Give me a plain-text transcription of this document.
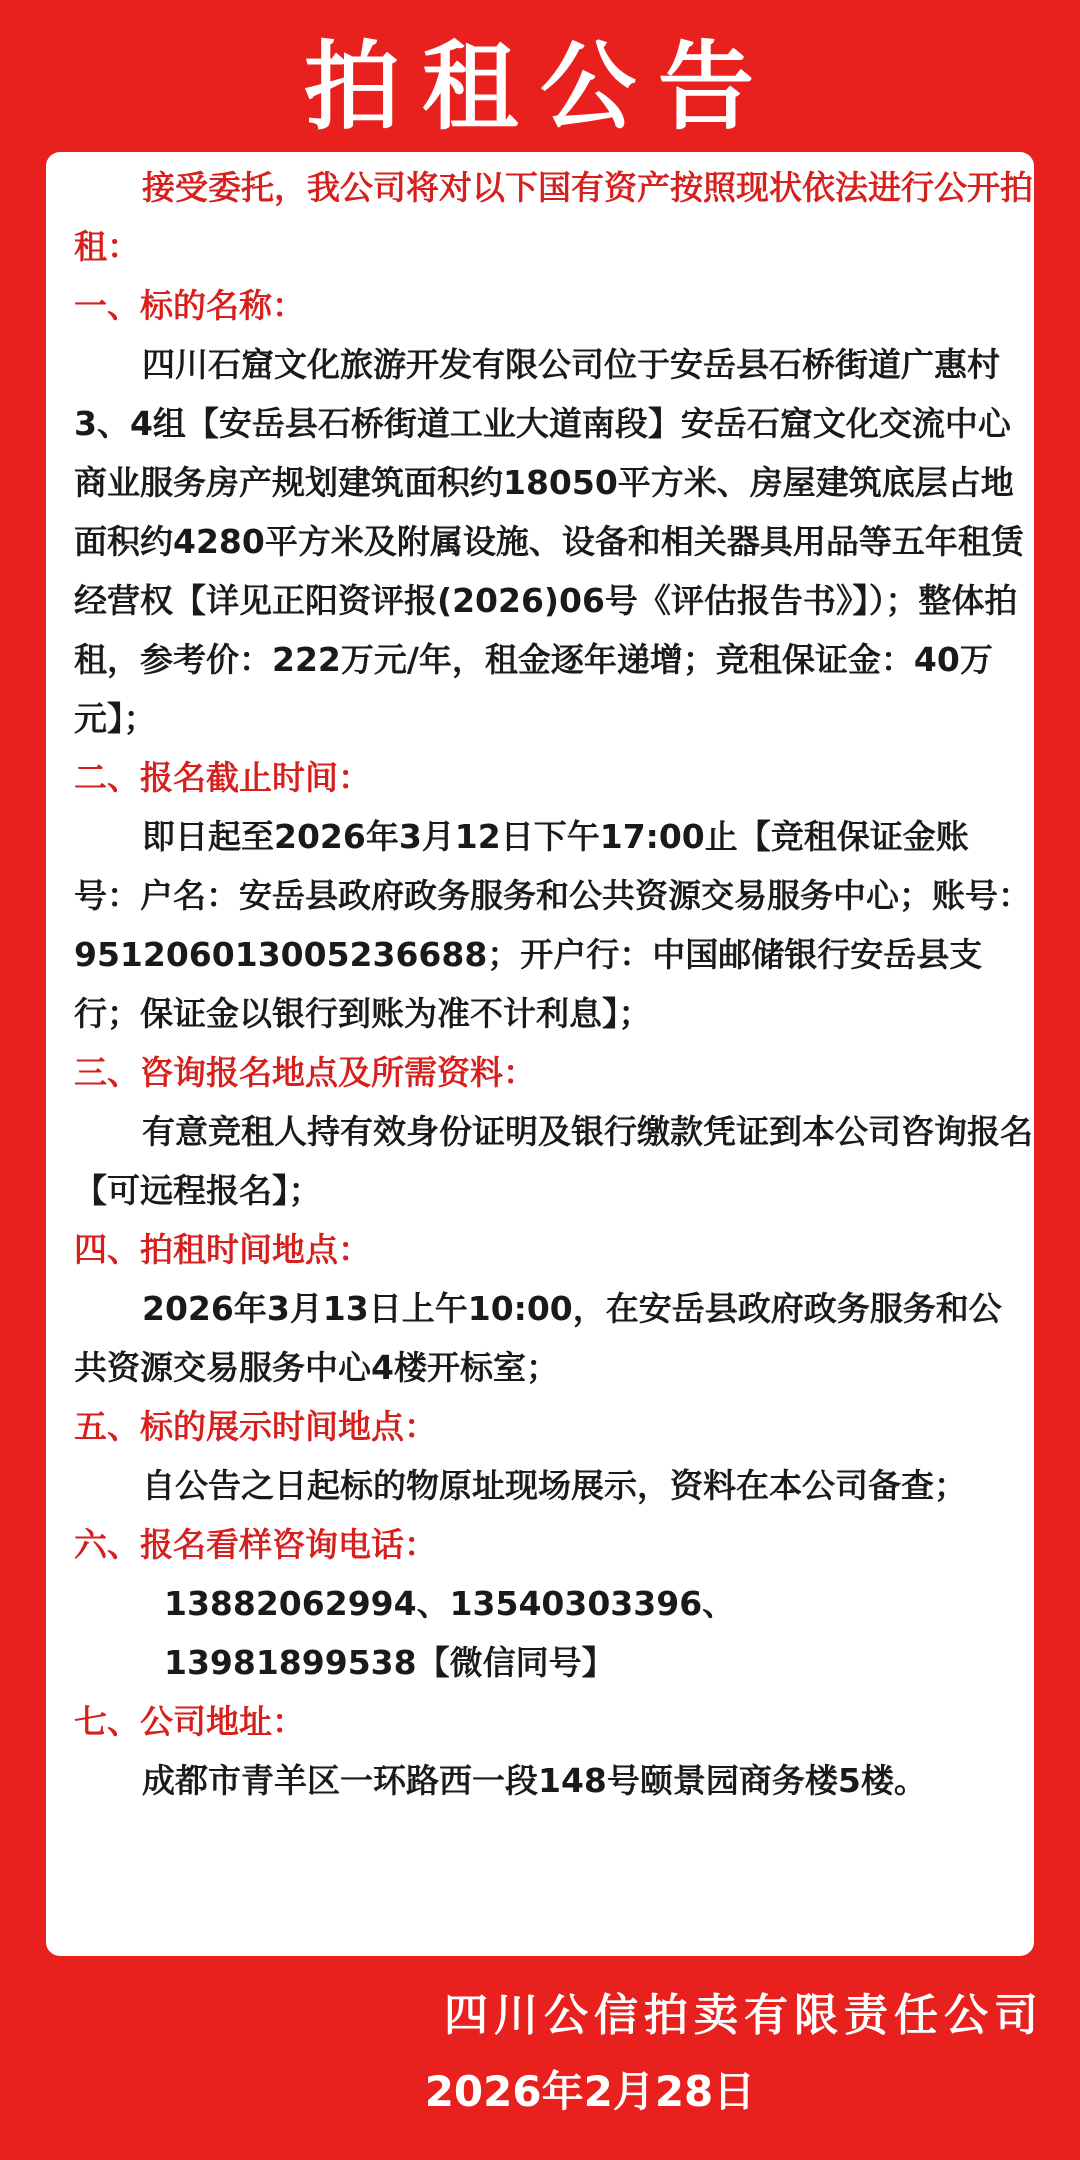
拍租公告

接受委托，我公司将对以下国有资产按照现状依法进行公开拍租：

一、标的名称：

四川石窟文化旅游开发有限公司位于安岳县石桥街道广惠村3、4组【安岳县石桥街道工业大道南段】安岳石窟文化交流中心商业服务房产规划建筑面积约18050平方米、房屋建筑底层占地面积约4280平方米及附属设施、设备和相关器具用品等五年租赁经营权【详见正阳资评报(2026)06号《评估报告书》】）；整体拍租，参考价：222万元/年，租金逐年递增；竞租保证金：40万元】；

二、报名截止时间：

即日起至2026年3月12日下午17:00止【竞租保证金账号：户名：安岳县政府政务服务和公共资源交易服务中心；账号：951206013005236688；开户行：中国邮储银行安岳县支行；保证金以银行到账为准不计利息】；

三、咨询报名地点及所需资料：

有意竞租人持有效身份证明及银行缴款凭证到本公司咨询报名【可远程报名】；

四、拍租时间地点：

2026年3月13日上午10:00，在安岳县政府政务服务和公共资源交易服务中心4楼开标室；

五、标的展示时间地点：

自公告之日起标的物原址现场展示，资料在本公司备查；

六、报名看样咨询电话：

13882062994、13540303396、

13981899538【微信同号】

七、公司地址：

成都市青羊区一环路西一段148号颐景园商务楼5楼。

四川公信拍卖有限责任公司
2026年2月28日
